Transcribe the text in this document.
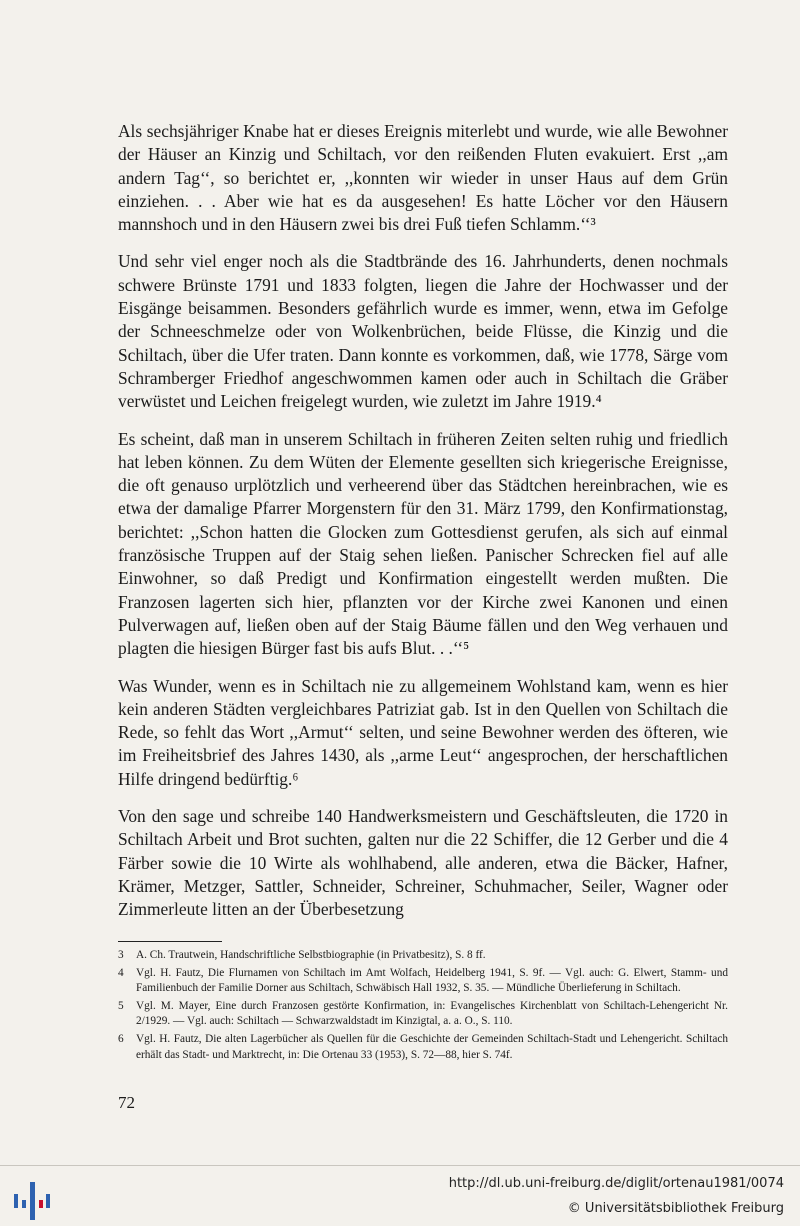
Als sechsjähriger Knabe hat er dieses Ereignis miterlebt und wurde, wie alle Bewohner der Häuser an Kinzig und Schiltach, vor den reißenden Fluten evakuiert. Erst ,,am andern Tag‘‘, so berichtet er, ,,konnten wir wieder in unser Haus auf dem Grün einziehen. . . Aber wie hat es da ausgesehen! Es hatte Löcher vor den Häusern mannshoch und in den Häusern zwei bis drei Fuß tiefen Schlamm.‘‘³

Und sehr viel enger noch als die Stadtbrände des 16. Jahrhunderts, denen nochmals schwere Brünste 1791 und 1833 folgten, liegen die Jahre der Hochwasser und der Eisgänge beisammen. Besonders gefährlich wurde es immer, wenn, etwa im Gefolge der Schneeschmelze oder von Wolkenbrüchen, beide Flüsse, die Kinzig und die Schiltach, über die Ufer traten. Dann konnte es vorkommen, daß, wie 1778, Särge vom Schramberger Friedhof angeschwommen kamen oder auch in Schiltach die Gräber verwüstet und Leichen freigelegt wurden, wie zuletzt im Jahre 1919.⁴

Es scheint, daß man in unserem Schiltach in früheren Zeiten selten ruhig und friedlich hat leben können. Zu dem Wüten der Elemente gesellten sich kriegerische Ereignisse, die oft genauso urplötzlich und verheerend über das Städtchen hereinbrachen, wie es etwa der damalige Pfarrer Morgenstern für den 31. März 1799, den Konfirmationstag, berichtet: ,,Schon hatten die Glocken zum Gottesdienst gerufen, als sich auf einmal französische Truppen auf der Staig sehen ließen. Panischer Schrecken fiel auf alle Einwohner, so daß Predigt und Konfirmation eingestellt werden mußten. Die Franzosen lagerten sich hier, pflanzten vor der Kirche zwei Kanonen und einen Pulverwagen auf, ließen oben auf der Staig Bäume fällen und den Weg verhauen und plagten die hiesigen Bürger fast bis aufs Blut. . .‘‘⁵

Was Wunder, wenn es in Schiltach nie zu allgemeinem Wohlstand kam, wenn es hier kein anderen Städten vergleichbares Patriziat gab. Ist in den Quellen von Schiltach die Rede, so fehlt das Wort ,,Armut‘‘ selten, und seine Bewohner werden des öfteren, wie im Freiheitsbrief des Jahres 1430, als ,,arme Leut‘‘ angesprochen, der herschaftlichen Hilfe dringend bedürftig.⁶

Von den sage und schreibe 140 Handwerksmeistern und Geschäftsleuten, die 1720 in Schiltach Arbeit und Brot suchten, galten nur die 22 Schiffer, die 12 Gerber und die 4 Färber sowie die 10 Wirte als wohlhabend, alle anderen, etwa die Bäcker, Hafner, Krämer, Metzger, Sattler, Schneider, Schreiner, Schuhmacher, Seiler, Wagner oder Zimmerleute litten an der Überbesetzung

3 A. Ch. Trautwein, Handschriftliche Selbstbiographie (in Privatbesitz), S. 8 ff.
4 Vgl. H. Fautz, Die Flurnamen von Schiltach im Amt Wolfach, Heidelberg 1941, S. 9f. — Vgl. auch: G. Elwert, Stamm- und Familienbuch der Familie Dorner aus Schiltach, Schwäbisch Hall 1932, S. 35. — Mündliche Überlieferung in Schiltach.
5 Vgl. M. Mayer, Eine durch Franzosen gestörte Konfirmation, in: Evangelisches Kirchenblatt von Schiltach-Lehengericht Nr. 2/1929. — Vgl. auch: Schiltach — Schwarzwaldstadt im Kinzigtal, a. a. O., S. 110.
6 Vgl. H. Fautz, Die alten Lagerbücher als Quellen für die Geschichte der Gemeinden Schiltach-Stadt und Lehengericht. Schiltach erhält das Stadt- und Marktrecht, in: Die Ortenau 33 (1953), S. 72—88, hier S. 74f.
72
http://dl.ub.uni-freiburg.de/diglit/ortenau1981/0074
© Universitätsbibliothek Freiburg
